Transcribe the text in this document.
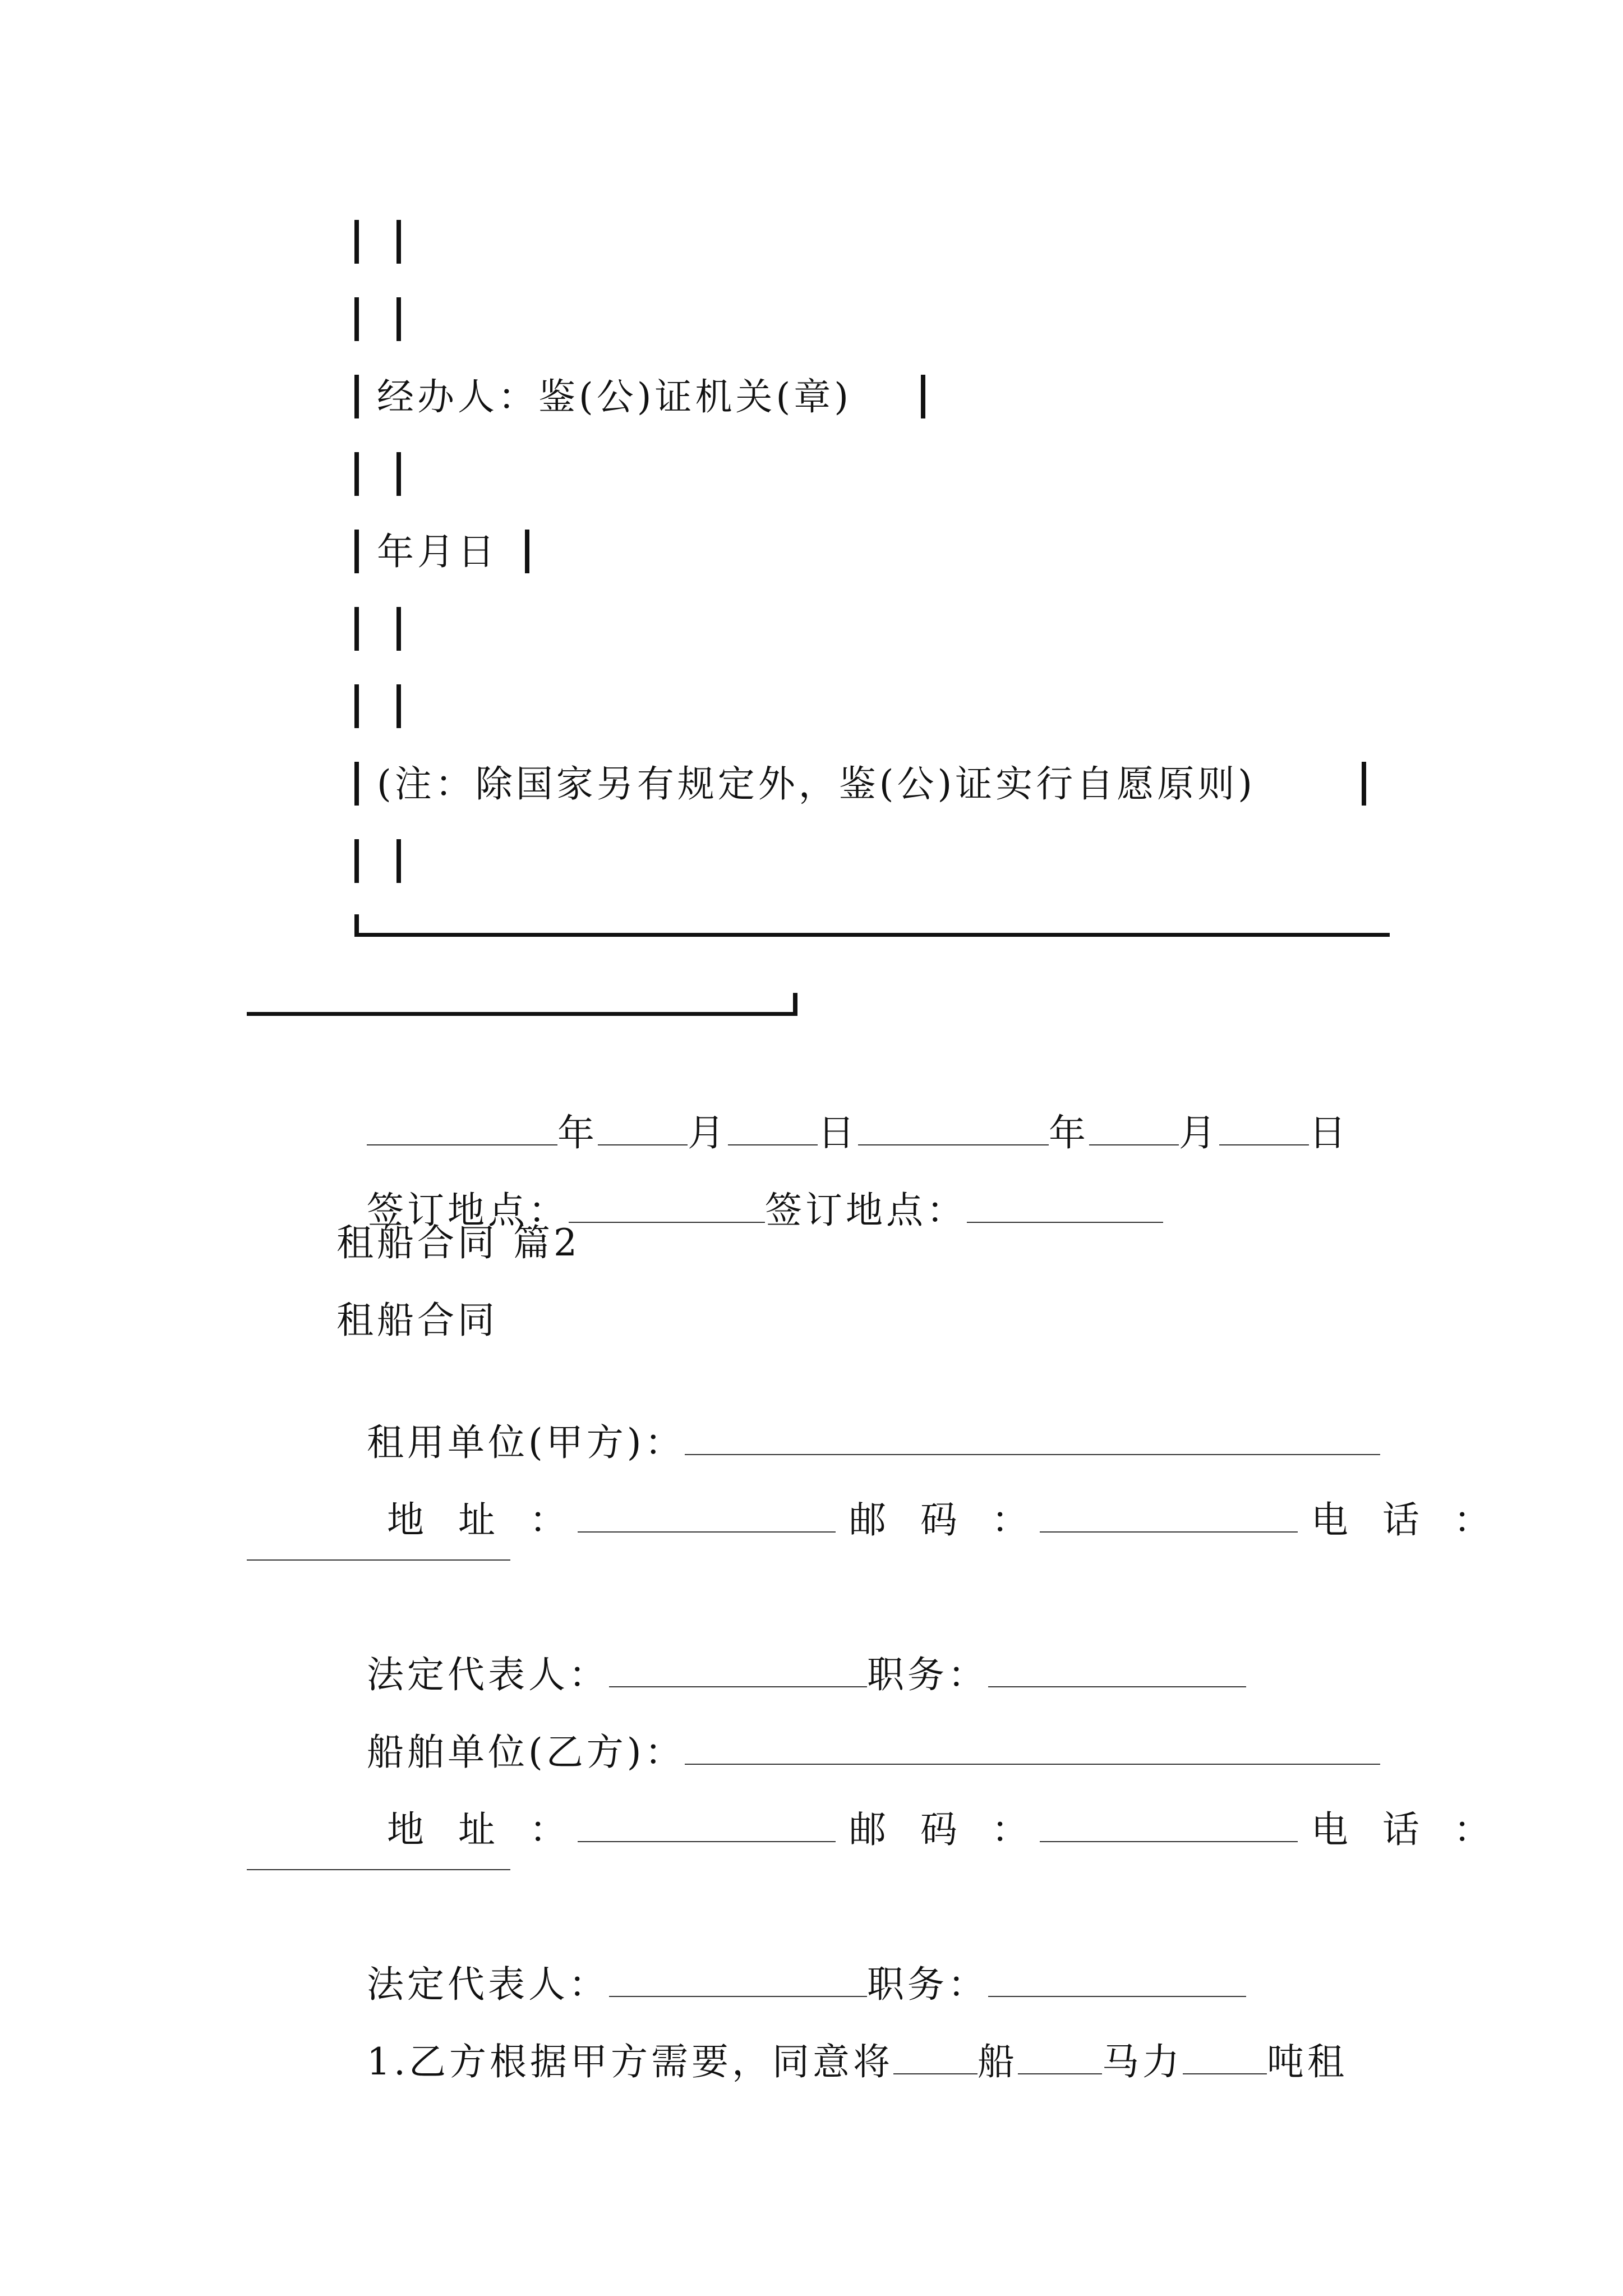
经办人：鉴(公)证机关(章)
年月日
(注：除国家另有规定外，鉴(公)证实行自愿原则)

年 月 日	年 月 日

签订地点：	签订地点：

租船合同 篇2
租船合同

租用单位(甲方)：

地 址 ：	邮 码 ：	电 话 ：

法定代表人：	职务：

船舶单位(乙方)：

地 址 ：	邮 码 ：	电 话 ：

法定代表人：	职务：

1.乙方根据甲方需要，同意将 船 马力 吨租
